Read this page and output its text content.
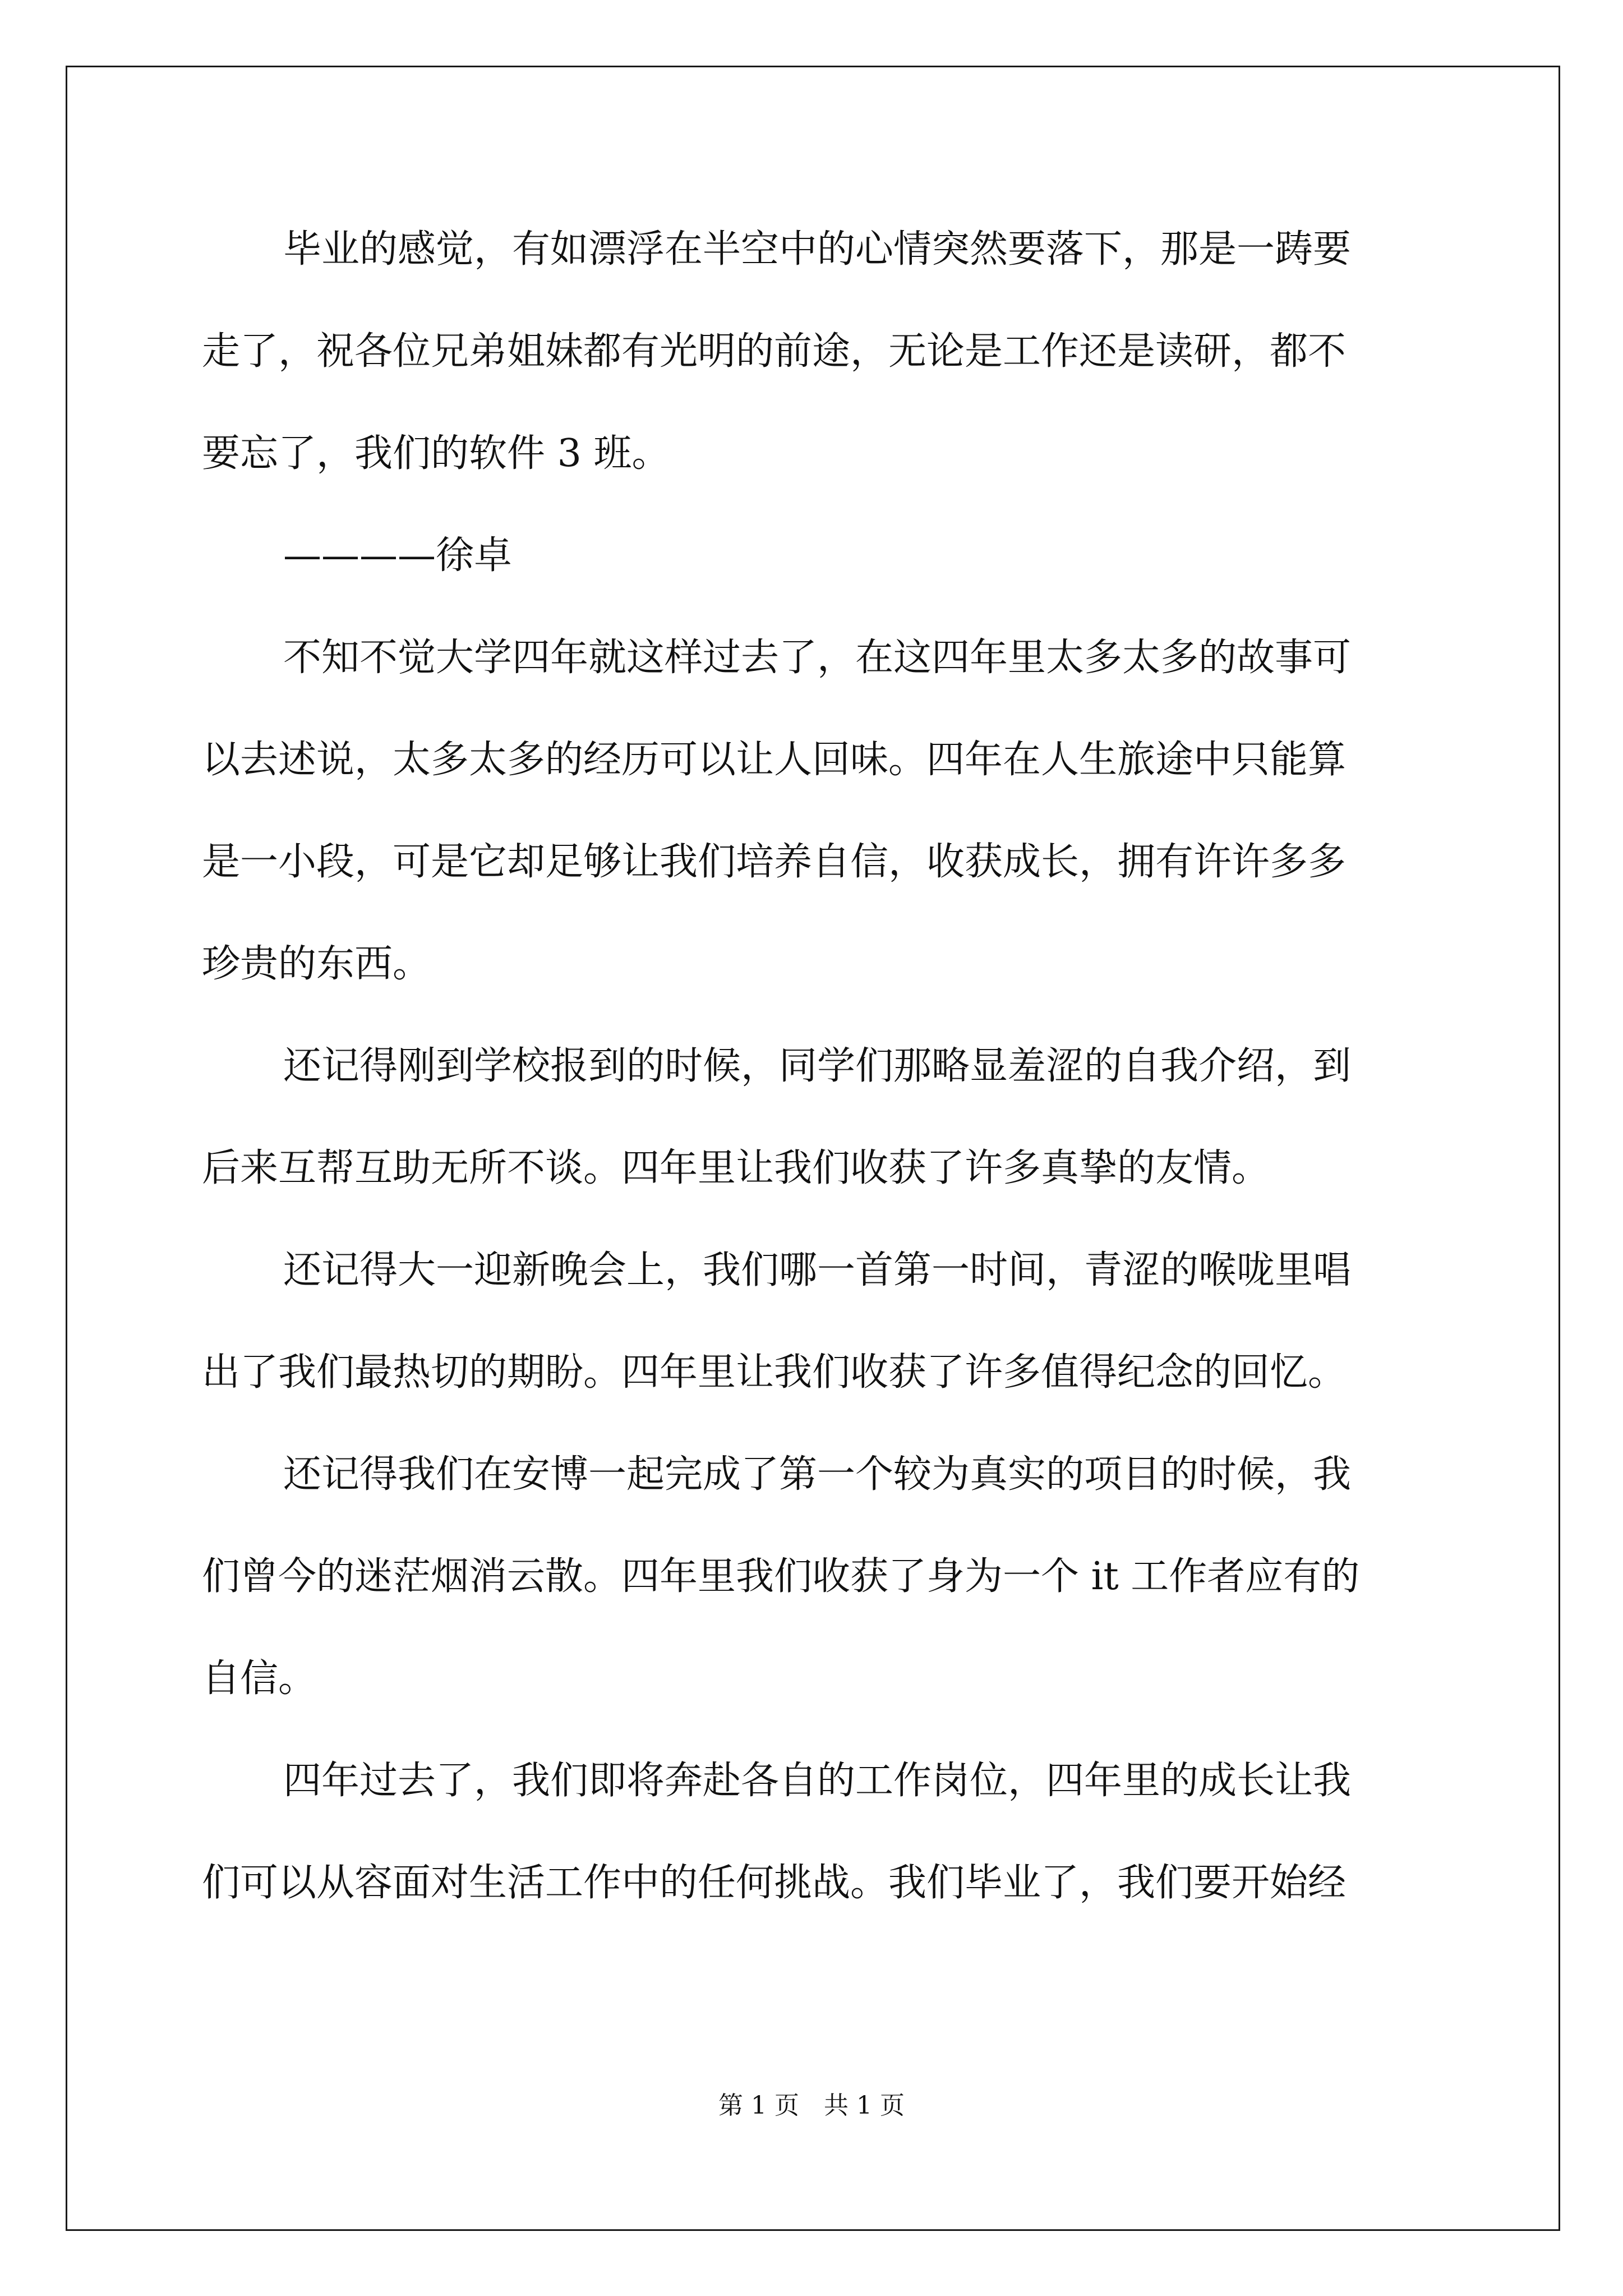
毕业的感觉，有如漂浮在半空中的心情突然要落下，那是一踌要
走了，祝各位兄弟姐妹都有光明的前途，无论是工作还是读研，都不
要忘了，我们的软件 3 班。
————徐卓
不知不觉大学四年就这样过去了，在这四年里太多太多的故事可
以去述说，太多太多的经历可以让人回味。四年在人生旅途中只能算
是一小段，可是它却足够让我们培养自信，收获成长，拥有许许多多
珍贵的东西。
还记得刚到学校报到的时候，同学们那略显羞涩的自我介绍，到
后来互帮互助无所不谈。四年里让我们收获了许多真挚的友情。
还记得大一迎新晚会上，我们哪一首第一时间，青涩的喉咙里唱
出了我们最热切的期盼。四年里让我们收获了许多值得纪念的回忆。
还记得我们在安博一起完成了第一个较为真实的项目的时候，我
们曾今的迷茫烟消云散。四年里我们收获了身为一个 it 工作者应有的
自信。
四年过去了，我们即将奔赴各自的工作岗位，四年里的成长让我
们可以从容面对生活工作中的任何挑战。我们毕业了，我们要开始经
第 1 页　共 1 页
